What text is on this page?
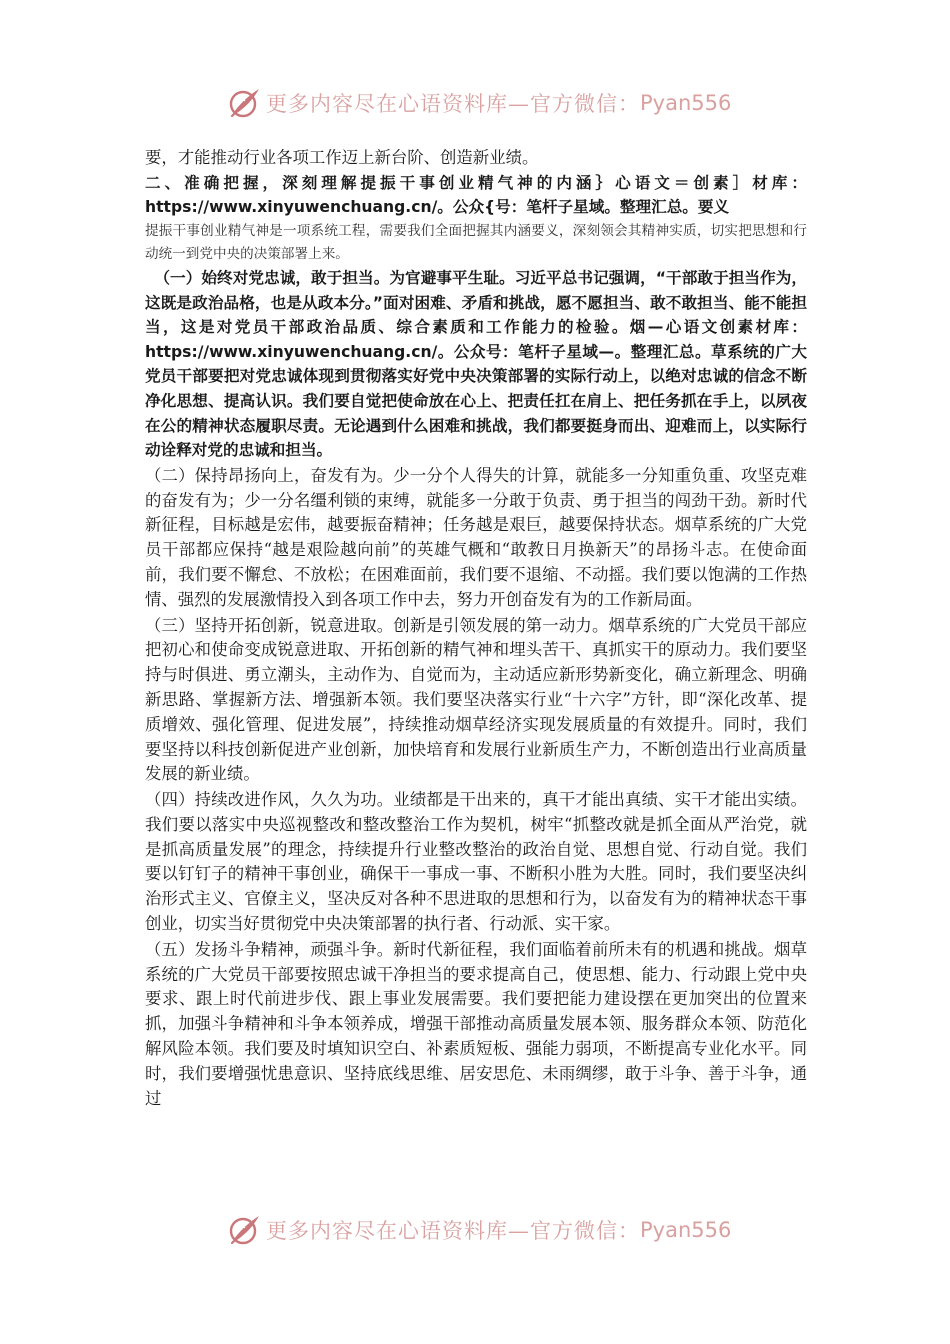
更多内容尽在心语资料库—官方微信： Pyan556

要，才能推动行业各项工作迈上新台阶、创造新业绩。

二、准确把握，深刻理解提振干事创业精气神的内涵｝心语文＝创素］材库：https://www.xinyuwenchuang.cn/。公众{号：笔杆子星域。整理汇总。要义

提振干事创业精气神是一项系统工程，需要我们全面把握其内涵要义，深刻领会其精神实质，切实把思想和行动统一到党中央的决策部署上来。

（一）始终对党忠诚，敢于担当。为官避事平生耻。习近平总书记强调，“干部敢于担当作为，这既是政治品格，也是从政本分。”面对困难、矛盾和挑战，愿不愿担当、敢不敢担当、能不能担当，这是对党员干部政治品质、综合素质和工作能力的检验。烟—心语文创素材库：https://www.xinyuwenchuang.cn/。公众号：笔杆子星域—。整理汇总。草系统的广大党员干部要把对党忠诚体现到贯彻落实好党中央决策部署的实际行动上，以绝对忠诚的信念不断净化思想、提高认识。我们要自觉把使命放在心上、把责任扛在肩上、把任务抓在手上，以夙夜在公的精神状态履职尽责。无论遇到什么困难和挑战，我们都要挺身而出、迎难而上，以实际行动诠释对党的忠诚和担当。

（二）保持昂扬向上，奋发有为。少一分个人得失的计算，就能多一分知重负重、攻坚克难的奋发有为；少一分名缰利锁的束缚，就能多一分敢于负责、勇于担当的闯劲干劲。新时代新征程，目标越是宏伟，越要振奋精神；任务越是艰巨，越要保持状态。烟草系统的广大党员干部都应保持“越是艰险越向前”的英雄气概和“敢教日月换新天”的昂扬斗志。在使命面前，我们要不懈怠、不放松；在困难面前，我们要不退缩、不动摇。我们要以饱满的工作热情、强烈的发展激情投入到各项工作中去，努力开创奋发有为的工作新局面。

（三）坚持开拓创新，锐意进取。创新是引领发展的第一动力。烟草系统的广大党员干部应把初心和使命变成锐意进取、开拓创新的精气神和埋头苦干、真抓实干的原动力。我们要坚持与时俱进、勇立潮头，主动作为、自觉而为，主动适应新形势新变化，确立新理念、明确新思路、掌握新方法、增强新本领。我们要坚决落实行业“十六字”方针，即“深化改革、提质增效、强化管理、促进发展”，持续推动烟草经济实现发展质量的有效提升。同时，我们要坚持以科技创新促进产业创新，加快培育和发展行业新质生产力，不断创造出行业高质量发展的新业绩。

（四）持续改进作风，久久为功。业绩都是干出来的，真干才能出真绩、实干才能出实绩。我们要以落实中央巡视整改和整改整治工作为契机，树牢“抓整改就是抓全面从严治党，就是抓高质量发展”的理念，持续提升行业整改整治的政治自觉、思想自觉、行动自觉。我们要以钉钉子的精神干事创业，确保干一事成一事、不断积小胜为大胜。同时，我们要坚决纠治形式主义、官僚主义，坚决反对各种不思进取的思想和行为，以奋发有为的精神状态干事创业，切实当好贯彻党中央决策部署的执行者、行动派、实干家。

（五）发扬斗争精神，顽强斗争。新时代新征程，我们面临着前所未有的机遇和挑战。烟草系统的广大党员干部要按照忠诚干净担当的要求提高自己，使思想、能力、行动跟上党中央要求、跟上时代前进步伐、跟上事业发展需要。我们要把能力建设摆在更加突出的位置来抓，加强斗争精神和斗争本领养成，增强干部推动高质量发展本领、服务群众本领、防范化解风险本领。我们要及时填知识空白、补素质短板、强能力弱项，不断提高专业化水平。同时，我们要增强忧患意识、坚持底线思维、居安思危、未雨绸缪，敢于斗争、善于斗争，通过

更多内容尽在心语资料库—官方微信： Pyan556
